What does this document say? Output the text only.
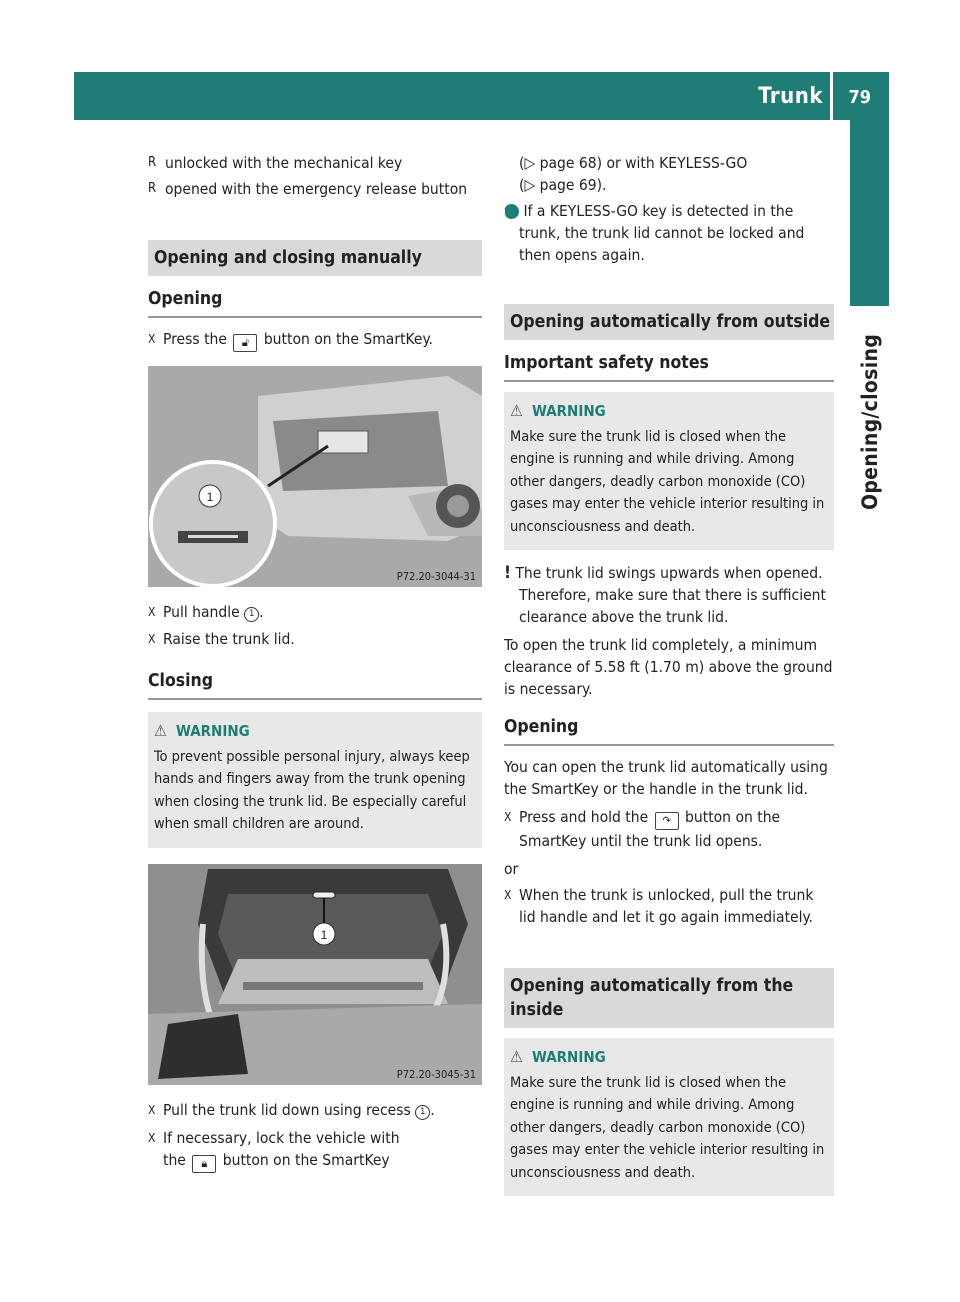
Trunk 79
Opening/closing

R unlocked with the mechanical key

R opened with the emergency release button

Opening and closing manually
Opening

X Press the 🔓︎ button on the SmartKey.

1
P72.20-3044-31

X Pull handle 1 .

X Raise the trunk lid.

Closing
⚠︎ WARNING

To prevent possible personal injury, always keep hands and fingers away from the trunk opening when closing the trunk lid. Be especially careful when small children are around.

1
P72.20-3045-31

X Pull the trunk lid down using recess 1 .

X If necessary, lock the vehicle with
the 🔒︎ button on the SmartKey

(▷ page 68) or with KEYLESS-GO

(▷ page 69).

i If a KEYLESS-GO key is detected in the trunk, the trunk lid cannot be locked and then opens again.

Opening automatically from outside
Important safety notes
⚠︎ WARNING

Make sure the trunk lid is closed when the engine is running and while driving. Among other dangers, deadly carbon monoxide (CO) gases may enter the vehicle interior resulting in unconsciousness and death.

! The trunk lid swings upwards when opened. Therefore, make sure that there is sufficient clearance above the trunk lid.

To open the trunk lid completely, a minimum clearance of 5.58 ft (1.70 m) above the ground is necessary.

Opening

You can open the trunk lid automatically using the SmartKey or the handle in the trunk lid.

X Press and hold the ↷ button on the
SmartKey until the trunk lid opens.

or

X When the trunk is unlocked, pull the trunk lid handle and let it go again immediately.

Opening automatically from the inside
⚠︎ WARNING

Make sure the trunk lid is closed when the engine is running and while driving. Among other dangers, deadly carbon monoxide (CO) gases may enter the vehicle interior resulting in unconsciousness and death.
